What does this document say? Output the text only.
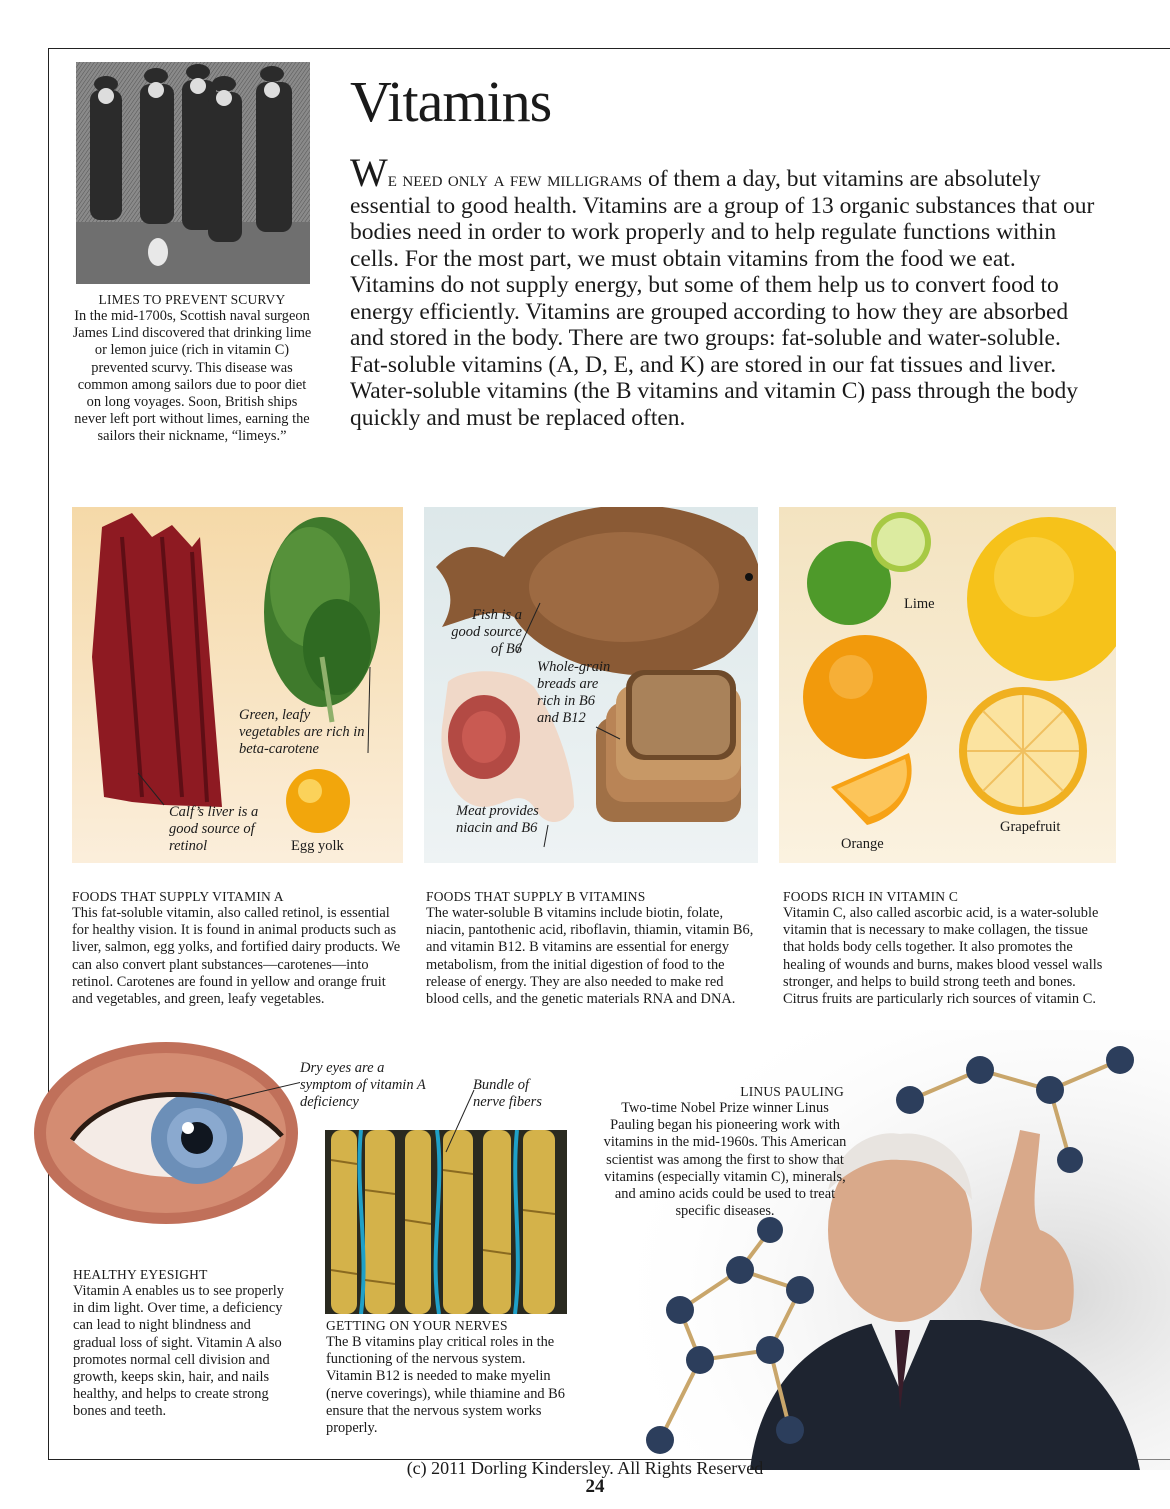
Vitamins
We need only a few milligrams of them a day, but vitamins are absolutely essential to good health. Vitamins are a group of 13 organic substances that our bodies need in order to work properly and to help regulate functions within cells. For the most part, we must obtain vitamins from the food we eat. Vitamins do not supply energy, but some of them help us to convert food to energy efficiently. Vitamins are grouped according to how they are absorbed and stored in the body. There are two groups: fat-soluble and water-soluble. Fat-soluble vitamins (A, D, E, and K) are stored in our fat tissues and liver. Water-soluble vitamins (the B vitamins and vitamin C) pass through the body quickly and must be replaced often.
LIMES TO PREVENT SCURVY
In the mid-1700s, Scottish naval surgeon James Lind discovered that drinking lime or lemon juice (rich in vitamin C) prevented scurvy. This disease was common among sailors due to poor diet on long voyages. Soon, British ships never left port without limes, earning the sailors their nickname, “limeys.”
Green, leafy vegetables are rich in beta-carotene
Calf’s liver is a good source of retinol	Egg yolk
FOODS THAT SUPPLY VITAMIN A
This fat-soluble vitamin, also called retinol, is essential for healthy vision. It is found in animal products such as liver, salmon, egg yolks, and fortified dairy products. We can also convert plant substances—carotenes—into retinol. Carotenes are found in yellow and orange fruit and vegetables, and green, leafy vegetables.
Fish is a good source of B6
Whole-grain breads are rich in B6 and B12
Meat provides niacin and B6
FOODS THAT SUPPLY B VITAMINS
The water-soluble B vitamins include biotin, folate, niacin, pantothenic acid, riboflavin, thiamin, vitamin B6, and vitamin B12. B vitamins are essential for energy metabolism, from the initial digestion of food to the release of energy. They are also needed to make red blood cells, and the genetic materials RNA and DNA.
Lime
Orange
Grapefruit
FOODS RICH IN VITAMIN C
Vitamin C, also called ascorbic acid, is a water-soluble vitamin that is necessary to make collagen, the tissue that holds body cells together. It also promotes the healing of wounds and burns, makes blood vessel walls stronger, and helps to build strong teeth and bones. Citrus fruits are particularly rich sources of vitamin C.
Dry eyes are a symptom of vitamin A deficiency
HEALTHY EYESIGHT
Vitamin A enables us to see properly in dim light. Over time, a deficiency can lead to night blindness and gradual loss of sight. Vitamin A also promotes normal cell division and growth, keeps skin, hair, and nails healthy, and helps to create strong bones and teeth.
Bundle of nerve fibers
GETTING ON YOUR NERVES
The B vitamins play critical roles in the functioning of the nervous system. Vitamin B12 is needed to make myelin (nerve coverings), while thiamine and B6 ensure that the nervous system works properly.
LINUS PAULING
Two-time Nobel Prize winner Linus Pauling began his pioneering work with vitamins in the mid-1960s. This American scientist was among the first to show that vitamins (especially vitamin C), minerals, and amino acids could be used to treat specific diseases.
(c) 2011 Dorling Kindersley. All Rights Reserved
24
